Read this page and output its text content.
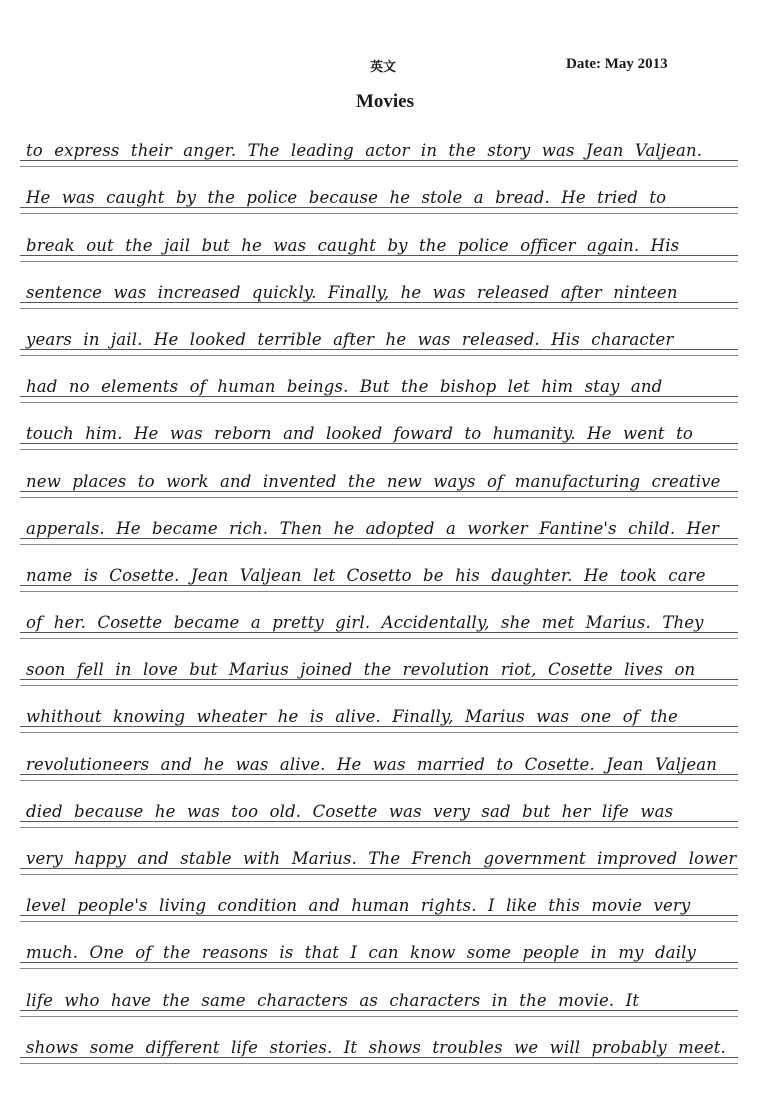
英文	Date: May 2013
Movies
to express their anger. The leading actor in the story was Jean Valjean.
He was caught by the police because he stole a bread. He tried to
break out the jail but he was caught by the police officer again. His
sentence was increased quickly. Finally, he was released after ninteen
years in jail. He looked terrible after he was released. His character
had no elements of human beings. But the bishop let him stay and
touch him. He was reborn and looked foward to humanity. He went to
new places to work and invented the new ways of manufacturing creative
apperals. He became rich. Then he adopted a worker Fantine's child. Her
name is Cosette. Jean Valjean let Cosetto be his daughter. He took care
of her. Cosette became a pretty girl. Accidentally, she met Marius. They
soon fell in love but Marius joined the revolution riot, Cosette lives on
whithout knowing wheater he is alive. Finally, Marius was one of the
revolutioneers and he was alive. He was married to Cosette. Jean Valjean
died because he was too old. Cosette was very sad but her life was
very happy and stable with Marius. The French government improved lower
level people's living condition and human rights. I like this movie very
much. One of the reasons is that I can know some people in my daily
life who have the same characters as characters in the movie. It
shows some different life stories. It shows troubles we will probably meet.
